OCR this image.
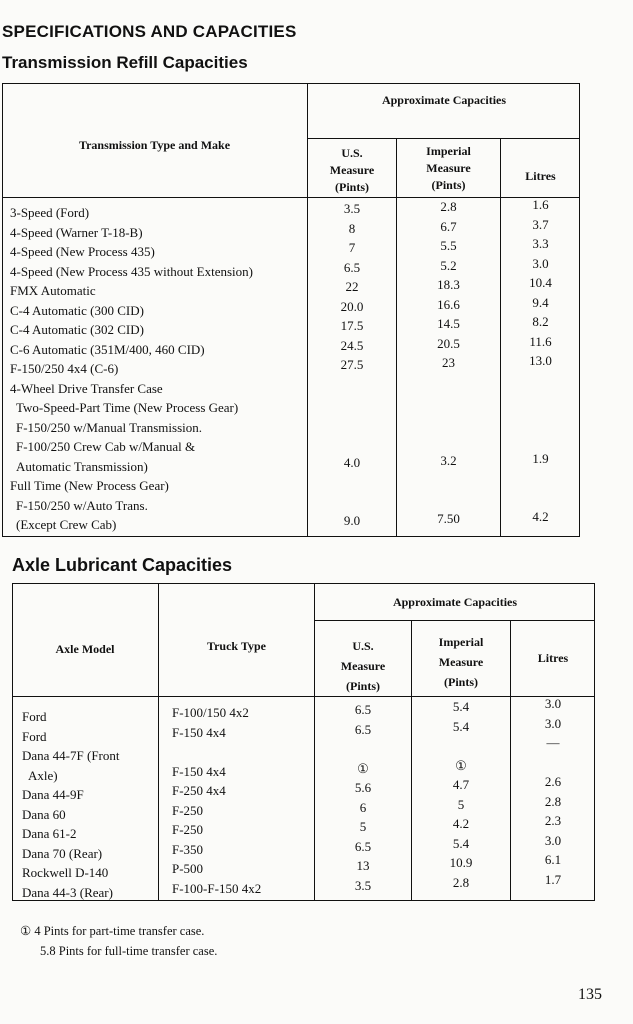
SPECIFICATIONS AND CAPACITIES
Transmission Refill Capacities
Approximate Capacities
Transmission Type and Make
U.S.
Measure
(Pints)
Imperial
Measure
(Pints)
Litres
3-Speed (Ford)
4-Speed (Warner T-18-B)
4-Speed (New Process 435)
4-Speed (New Process 435 without Extension)
FMX Automatic
C-4 Automatic (300 CID)
C-4 Automatic (302 CID)
C-6 Automatic (351M/400, 460 CID)
F-150/250 4x4 (C-6)
4-Wheel Drive Transfer Case
Two-Speed-Part Time (New Process Gear)
F-150/250 w/Manual Transmission.
F-100/250 Crew Cab w/Manual &
Automatic Transmission)
Full Time (New Process Gear)
F-150/250 w/Auto Trans.
(Except Crew Cab)
3.5
8
7
6.5
22
20.0
17.5
24.5
27.5
4.0
9.0
2.8
6.7
5.5
5.2
18.3
16.6
14.5
20.5
23
3.2
7.50
1.6
3.7
3.3
3.0
10.4
9.4
8.2
11.6
13.0
1.9
4.2
Axle Lubricant Capacities
Approximate Capacities
Axle Model	Truck Type	U.S.
Measure
(Pints)
Imperial
Measure
(Pints)
Litres
Ford
Ford
Dana 44-7F (Front
Axle)
Dana 44-9F
Dana 60
Dana 61-2
Dana 70 (Rear)
Rockwell D-140
Dana 44-3 (Rear)
F-100/150 4x2
F-150 4x4
F-150 4x4
F-250 4x4
F-250
F-250
F-350
P-500
F-100-F-150 4x2
6.5
6.5
①
5.6
6
5
6.5
13
3.5
5.4
5.4
①
4.7
5
4.2
5.4
10.9
2.8
3.0
3.0
—
2.6
2.8
2.3
3.0
6.1
1.7
① 4 Pints for part-time transfer case.
5.8 Pints for full-time transfer case.
135
